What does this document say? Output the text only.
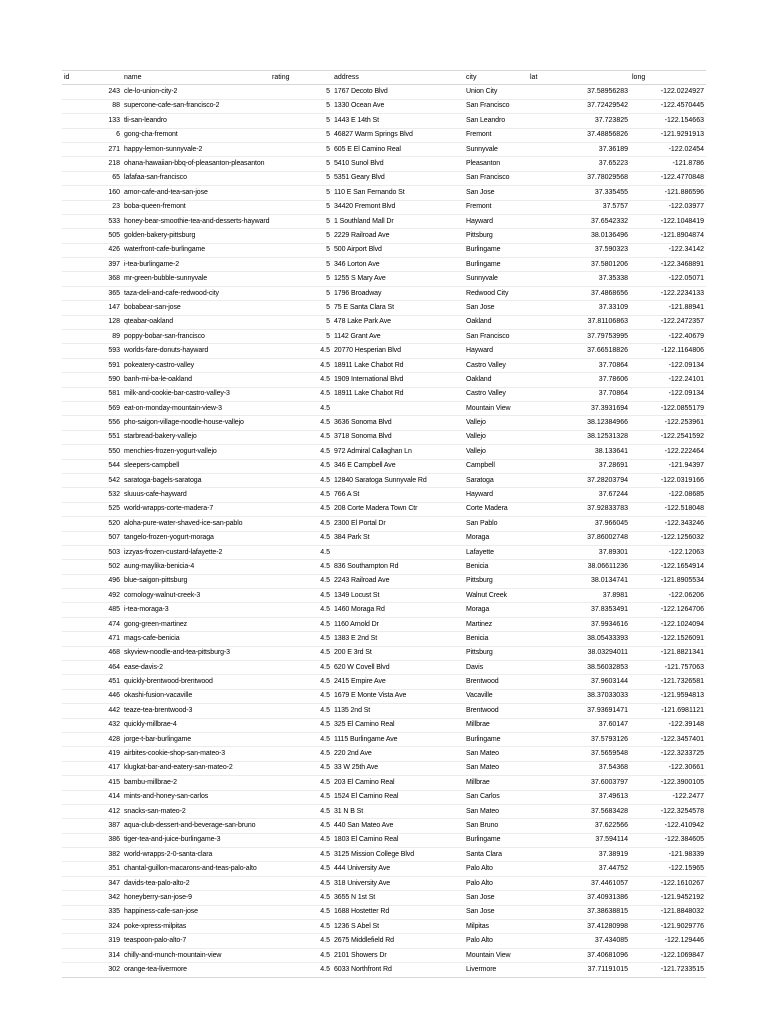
id	name	rating	address	city	lat	long
243	cle-lo-union-city-2	5	1767 Decoto Blvd	Union City	37.58956283	-122.0224927
88	supercone-cafe-san-francisco-2	5	1330 Ocean Ave	San Francisco	37.72429542	-122.4570445
133	tli-san-leandro	5	1443 E 14th St	San Leandro	37.723825	-122.154663
6	gong-cha-fremont	5	46827 Warm Springs Blvd	Fremont	37.48856826	-121.9291913
271	happy-lemon-sunnyvale-2	5	605 E El Camino Real	Sunnyvale	37.36189	-122.02454
218	ohana-hawaiian-bbq-of-pleasanton-pleasanton	5	5410 Sunol Blvd	Pleasanton	37.65223	-121.8786
65	lafafaa-san-francisco	5	5351 Geary Blvd	San Francisco	37.78029568	-122.4770848
160	amor-cafe-and-tea-san-jose	5	110 E San Fernando St	San Jose	37.335455	-121.886596
23	boba-queen-fremont	5	34420 Fremont Blvd	Fremont	37.5757	-122.03977
533	honey-bear-smoothie-tea-and-desserts-hayward	5	1 Southland Mall Dr	Hayward	37.6542332	-122.1048419
505	golden-bakery-pittsburg	5	2229 Railroad Ave	Pittsburg	38.0136496	-121.8904874
426	waterfront-cafe-burlingame	5	500 Airport Blvd	Burlingame	37.590323	-122.34142
397	i-tea-burlingame-2	5	346 Lorton Ave	Burlingame	37.5801206	-122.3468891
368	mr-green-bubble-sunnyvale	5	1255 S Mary Ave	Sunnyvale	37.35338	-122.05071
365	taza-deli-and-cafe-redwood-city	5	1796 Broadway	Redwood City	37.4868656	-122.2234133
147	bobabear-san-jose	5	75 E Santa Clara St	San Jose	37.33109	-121.88941
128	qteabar-oakland	5	478 Lake Park Ave	Oakland	37.81106863	-122.2472357
89	poppy-bobar-san-francisco	5	1142 Grant Ave	San Francisco	37.79753995	-122.40679
593	worlds-fare-donuts-hayward	4.5	20770 Hesperian Blvd	Hayward	37.66518826	-122.1164806
591	pokeatery-castro-valley	4.5	18911 Lake Chabot Rd	Castro Valley	37.70864	-122.09134
590	banh-mi-ba-le-oakland	4.5	1909 International Blvd	Oakland	37.78606	-122.24101
581	milk-and-cookie-bar-castro-valley-3	4.5	18911 Lake Chabot Rd	Castro Valley	37.70864	-122.09134
569	eat-on-monday-mountain-view-3	4.5		Mountain View	37.3931694	-122.0855179
556	pho-saigon-village-noodle-house-vallejo	4.5	3636 Sonoma Blvd	Vallejo	38.12384966	-122.253961
551	starbread-bakery-vallejo	4.5	3718 Sonoma Blvd	Vallejo	38.12531328	-122.2541592
550	menchies-frozen-yogurt-vallejo	4.5	972 Admiral Callaghan Ln	Vallejo	38.133641	-122.222464
544	sleepers-campbell	4.5	346 E Campbell Ave	Campbell	37.28691	-121.94397
542	saratoga-bagels-saratoga	4.5	12840 Saratoga Sunnyvale Rd	Saratoga	37.28203794	-122.0319166
532	sluuus-cafe-hayward	4.5	766 A St	Hayward	37.67244	-122.08685
525	world-wrapps-corte-madera-7	4.5	208 Corte Madera Town Ctr	Corte Madera	37.92833783	-122.518048
520	aloha-pure-water-shaved-ice-san-pablo	4.5	2300 El Portal Dr	San Pablo	37.966045	-122.343246
507	tangelo-frozen-yogurt-moraga	4.5	384 Park St	Moraga	37.86002748	-122.1256032
503	izzyas-frozen-custard-lafayette-2	4.5		Lafayette	37.89301	-122.12063
502	aung-maylika-benicia-4	4.5	836 Southampton Rd	Benicia	38.06611236	-122.1654914
496	blue-saigon-pittsburg	4.5	2243 Railroad Ave	Pittsburg	38.0134741	-121.8905534
492	cornology-walnut-creek-3	4.5	1349 Locust St	Walnut Creek	37.8981	-122.06206
485	i-tea-moraga-3	4.5	1460 Moraga Rd	Moraga	37.8353491	-122.1264706
474	gong-green-martinez	4.5	1160 Arnold Dr	Martinez	37.9934616	-122.1024094
471	mags-cafe-benicia	4.5	1383 E 2nd St	Benicia	38.05433393	-122.1526091
468	skyview-noodle-and-tea-pittsburg-3	4.5	200 E 3rd St	Pittsburg	38.03294011	-121.8821341
464	ease-davis-2	4.5	620 W Covell Blvd	Davis	38.56032853	-121.757063
451	quickly-brentwood-brentwood	4.5	2415 Empire Ave	Brentwood	37.9603144	-121.7326581
446	okashi-fusion-vacaville	4.5	1679 E Monte Vista Ave	Vacaville	38.37033033	-121.9594813
442	teaze-tea-brentwood-3	4.5	1135 2nd St	Brentwood	37.93691471	-121.6981121
432	quickly-millbrae-4	4.5	325 El Camino Real	Millbrae	37.60147	-122.39148
428	jorge-t-bar-burlingame	4.5	1115 Burlingame Ave	Burlingame	37.5793126	-122.3457401
419	airbites-cookie-shop-san-mateo-3	4.5	220 2nd Ave	San Mateo	37.5659548	-122.3233725
417	klugkat-bar-and-eatery-san-mateo-2	4.5	33 W 25th Ave	San Mateo	37.54368	-122.30661
415	bambu-millbrae-2	4.5	203 El Camino Real	Millbrae	37.6003797	-122.3900105
414	mints-and-honey-san-carlos	4.5	1524 El Camino Real	San Carlos	37.49613	-122.2477
412	snacks-san-mateo-2	4.5	31 N B St	San Mateo	37.5683428	-122.3254578
387	aqua-club-dessert-and-beverage-san-bruno	4.5	440 San Mateo Ave	San Bruno	37.622566	-122.410942
386	tiger-tea-and-juice-burlingame-3	4.5	1803 El Camino Real	Burlingame	37.594114	-122.384605
382	world-wrapps-2-0-santa-clara	4.5	3125 Mission College Blvd	Santa Clara	37.38919	-121.98339
351	chantal-guillon-macarons-and-teas-palo-alto	4.5	444 University Ave	Palo Alto	37.44752	-122.15965
347	davids-tea-palo-alto-2	4.5	318 University Ave	Palo Alto	37.4461057	-122.1610267
342	honeyberry-san-jose-9	4.5	3655 N 1st St	San Jose	37.40931386	-121.9452192
335	happiness-cafe-san-jose	4.5	1688 Hostetter Rd	San Jose	37.38638815	-121.8848032
324	poke-xpress-milpitas	4.5	1236 S Abel St	Milpitas	37.41280998	-121.9029776
319	teaspoon-palo-alto-7	4.5	2675 Middlefield Rd	Palo Alto	37.434085	-122.129446
314	chilly-and-munch-mountain-view	4.5	2101 Showers Dr	Mountain View	37.40681096	-122.1069847
302	orange-tea-livermore	4.5	6033 Northfront Rd	Livermore	37.71191015	-121.7233515
